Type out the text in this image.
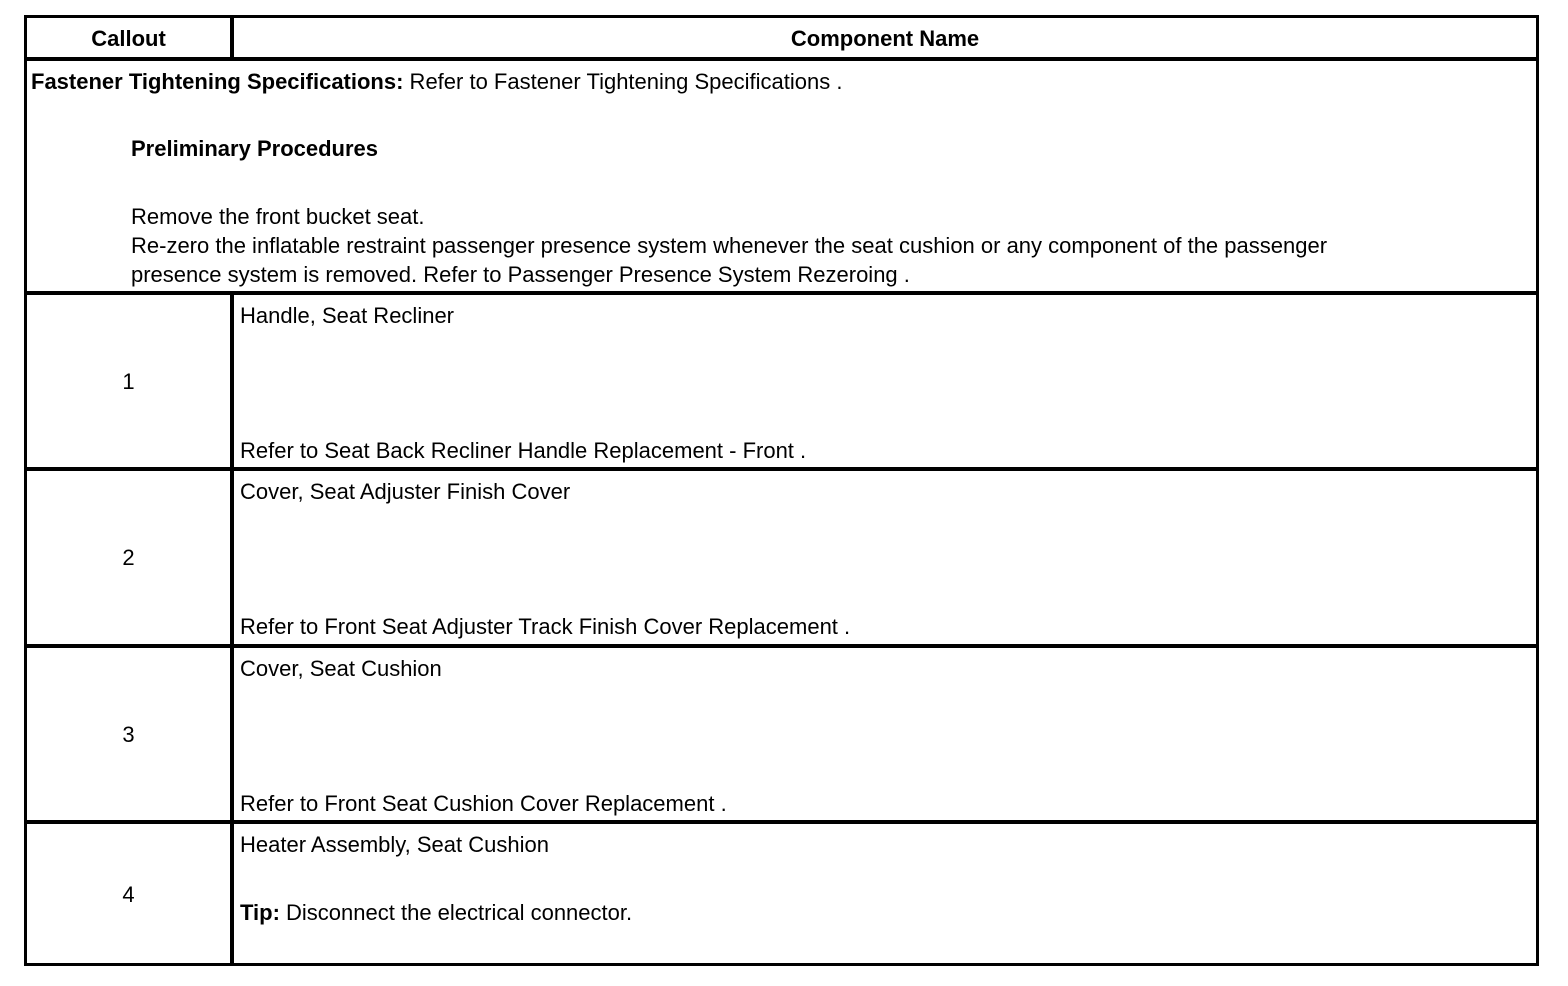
Callout	Component Name
Fastener Tightening Specifications: Refer to Fastener Tightening Specifications .
Preliminary Procedures
Remove the front bucket seat.
Re-zero the inflatable restraint passenger presence system whenever the seat cushion or any component of the passenger
presence system is removed. Refer to Passenger Presence System Rezeroing .
1
Handle, Seat Recliner
Refer to Seat Back Recliner Handle Replacement - Front .
2
Cover, Seat Adjuster Finish Cover
Refer to Front Seat Adjuster Track Finish Cover Replacement .
3
Cover, Seat Cushion
Refer to Front Seat Cushion Cover Replacement .
4
Heater Assembly, Seat Cushion
Tip: Disconnect the electrical connector.
